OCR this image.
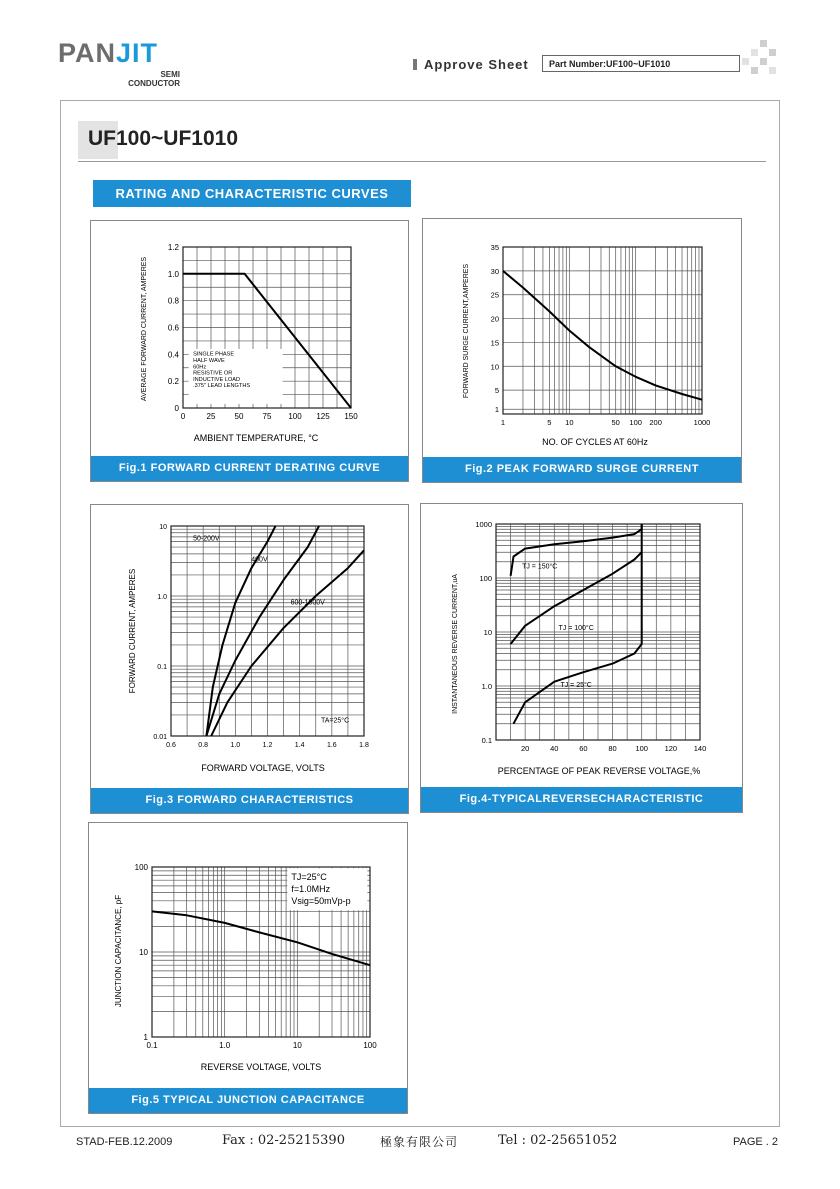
PANJIT
SEMI
CONDUCTOR
Approve Sheet	Part Number:UF100~UF1010
UF100~UF1010
RATING AND CHARACTERISTIC CURVES
SINGLE PHASE
HALF WAVE
60Hz
RESISTIVE OR
INDUCTIVE LOAD
.375" LEAD LENGTHS
0	25 50 75 100 125 150
0
0.2
0.4
0.6
0.8
1.0
1.2
AMBIENT TEMPERATURE, °C
AVERAGE FORWARD CURRENT, AMPERES
Fig.1 FORWARD CURRENT DERATING CURVE
1	5 10	50 100 200	1000
1
5
10
15
20
25
30
35
NO. OF CYCLES AT 60Hz
FORWARD SURGE CURRENT,AMPERES
Fig.2 PEAK FORWARD SURGE CURRENT
50-200V
400V
600-1000V
TA=25°C
0.6	0.8	1.0	1.2	1.4	1.6	1.8
0.01
0.1
1.0
10
FORWARD VOLTAGE, VOLTS
FORWARD CURRENT, AMPERES
Fig.3 FORWARD CHARACTERISTICS
TJ = 150°C
TJ = 100°C
TJ = 25°C
20	40	60	80 100 120 140
0.1
1.0
10
100
1000
PERCENTAGE OF PEAK REVERSE VOLTAGE,%
INSTANTANEOUS REVERSE CURRENT,uA
Fig.4-TYPICALREVERSECHARACTERISTIC
TJ=25°C
f=1.0MHz
Vsig=50mVp-p
0.1	1.0	10	100
1
10
100
REVERSE VOLTAGE, VOLTS
JUNCTION CAPACITANCE, pF
Fig.5 TYPICAL JUNCTION CAPACITANCE
STAD-FEB.12.2009	Fax : 02-25215390	極象有限公司	Tel : 02-25651052	PAGE . 2
